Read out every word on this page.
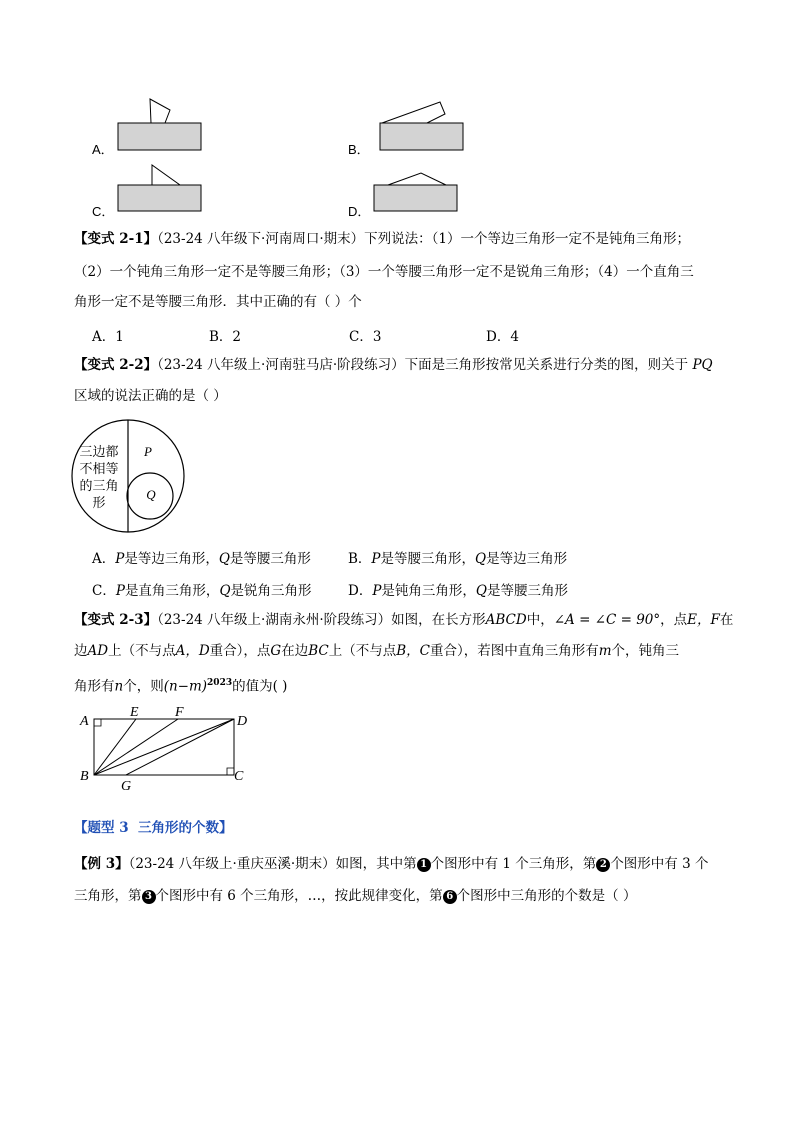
A．	B．
C．	D．
【变式 2-1】（23-24 八年级下·河南周口·期末）下列说法：（1）一个等边三角形一定不是钝角三角形；
（2）一个钝角三角形一定不是等腰三角形；（3）一个等腰三角形一定不是锐角三角形；（4）一个直角三
角形一定不是等腰三角形．其中正确的有（ ）个
A．1	B．2	C．3	D．4
【变式 2-2】（23-24 八年级上·河南驻马店·阶段练习）下面是三角形按常见关系进行分类的图，则关于 PQ
区域的说法正确的是（ ）
三边都
不相等
的三角
形
P
Q
A．P是等边三角形，Q是等腰三角形	B．P是等腰三角形，Q是等边三角形
C．P是直角三角形，Q是锐角三角形	D．P是钝角三角形，Q是等腰三角形
【变式 2-3】（23-24 八年级上·湖南永州·阶段练习）如图，在长方形ABCD中，∠A = ∠C = 90°，点E，F在
边AD上（不与点A，D重合），点G在边BC上（不与点B，C重合），若图中直角三角形有m个，钝角三
角形有n个，则$(n-m)^{2023}$的值为( )
A
E	F
D
B
G
C
【题型 3 三角形的个数】
【例 3】（23-24 八年级上·重庆巫溪·期末）如图，其中第 1 个图形中有 1 个三角形，第 2 个图形中有 3 个
三角形，第 3 个图形中有 6 个三角形，…，按此规律变化，第 6 个图形中三角形的个数是（ ）
